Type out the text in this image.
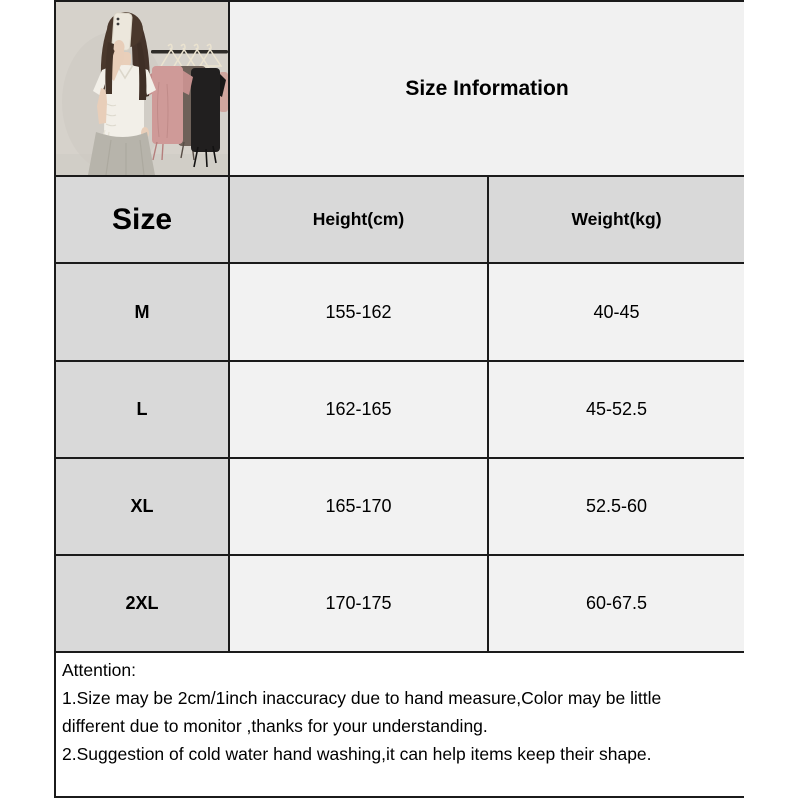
Size Information
Size	Height(cm)	Weight(kg)
M	155-162	40-45
L	162-165	45-52.5
XL	165-170	52.5-60
2XL	170-175	60-67.5
Attention:
1.Size may be 2cm/1inch inaccuracy due to hand measure,Color may be little
different due to monitor ,thanks for your understanding.
2.Suggestion of cold water hand washing,it can help items keep their shape.
